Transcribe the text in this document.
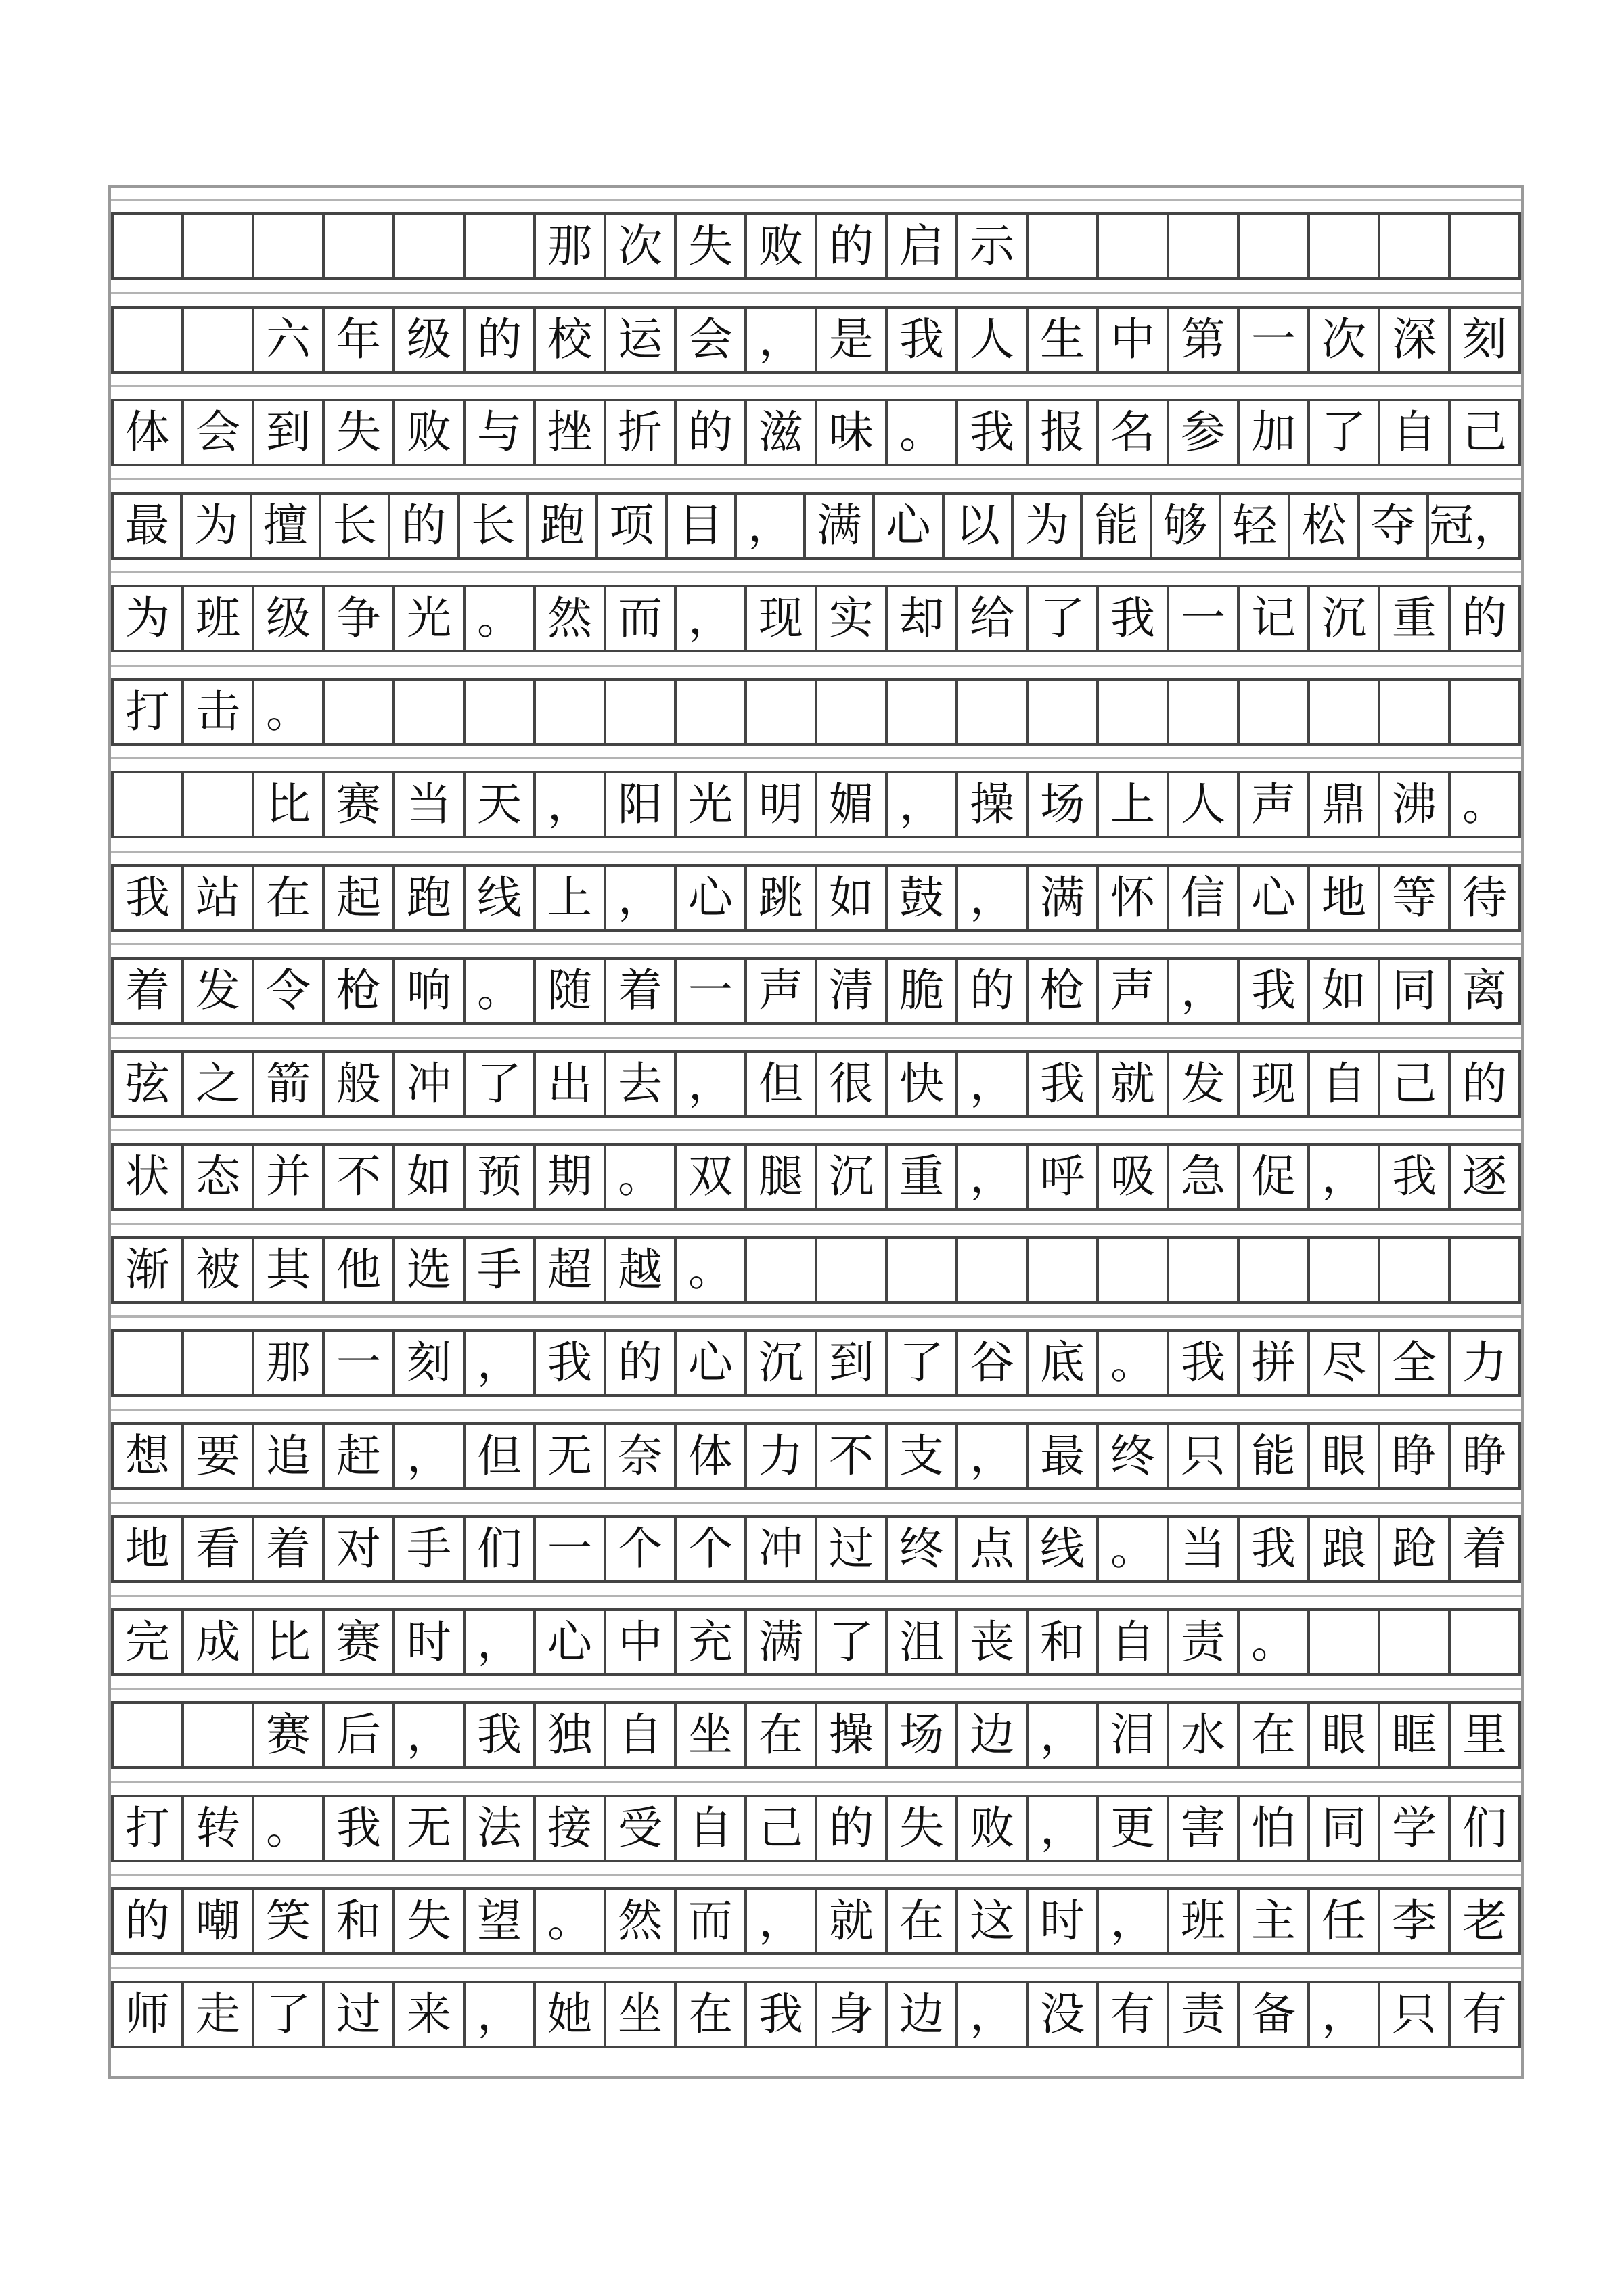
那 次 失 败 的 启 示
六 年 级 的 校 运 会 ， 是 我 人 生 中 第 一 次 深 刻
体 会 到 失 败 与 挫 折 的 滋 味 。 我 报 名 参 加 了 自 己
最 为 擅 长 的 长 跑 项 目 ， 满 心 以 为 能 够 轻 松 夺 冠，
为 班 级 争 光 。 然 而 ， 现 实 却 给 了 我 一 记 沉 重 的
打 击 。
比 赛 当 天 ， 阳 光 明 媚 ， 操 场 上 人 声 鼎 沸 。
我 站 在 起 跑 线 上 ， 心 跳 如 鼓 ， 满 怀 信 心 地 等 待
着 发 令 枪 响 。 随 着 一 声 清 脆 的 枪 声 ， 我 如 同 离
弦 之 箭 般 冲 了 出 去 ， 但 很 快 ， 我 就 发 现 自 己 的
状 态 并 不 如 预 期 。 双 腿 沉 重 ， 呼 吸 急 促 ， 我 逐
渐 被 其 他 选 手 超 越 。
那 一 刻 ， 我 的 心 沉 到 了 谷 底 。 我 拼 尽 全 力
想 要 追 赶 ， 但 无 奈 体 力 不 支 ， 最 终 只 能 眼 睁 睁
地 看 着 对 手 们 一 个 个 冲 过 终 点 线 。 当 我 踉 跄 着
完 成 比 赛 时 ， 心 中 充 满 了 沮 丧 和 自 责 。
赛 后 ， 我 独 自 坐 在 操 场 边 ， 泪 水 在 眼 眶 里
打 转 。 我 无 法 接 受 自 己 的 失 败 ， 更 害 怕 同 学 们
的 嘲 笑 和 失 望 。 然 而 ， 就 在 这 时 ， 班 主 任 李 老
师 走 了 过 来 ， 她 坐 在 我 身 边 ， 没 有 责 备 ， 只 有
